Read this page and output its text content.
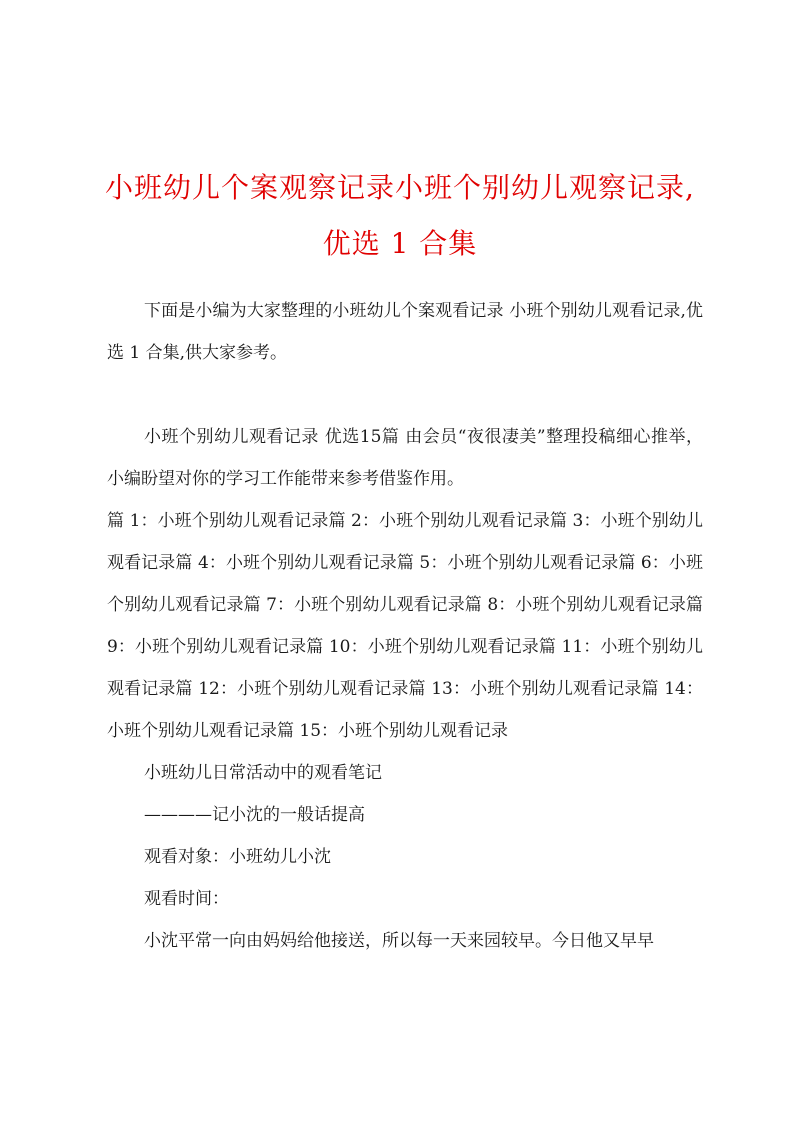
小班幼儿个案观察记录小班个别幼儿观察记录,
优选 1 合集

下面是小编为大家整理的小班幼儿个案观看记录 小班个别幼儿观看记录,优选 1 合集,供大家参考。

小班个别幼儿观看记录 优选15篇 由会员“夜很凄美”整理投稿细心推举，小编盼望对你的学习工作能带来参考借鉴作用。

篇 1：小班个别幼儿观看记录篇 2：小班个别幼儿观看记录篇 3：小班个别幼儿观看记录篇 4：小班个别幼儿观看记录篇 5：小班个别幼儿观看记录篇 6：小班个别幼儿观看记录篇 7：小班个别幼儿观看记录篇 8：小班个别幼儿观看记录篇 9：小班个别幼儿观看记录篇 10：小班个别幼儿观看记录篇 11：小班个别幼儿观看记录篇 12：小班个别幼儿观看记录篇 13：小班个别幼儿观看记录篇 14：小班个别幼儿观看记录篇 15：小班个别幼儿观看记录

小班幼儿日常活动中的观看笔记

————记小沈的一般话提高

观看对象：小班幼儿小沈

观看时间：

小沈平常一向由妈妈给他接送，所以每一天来园较早。今日他又早早
